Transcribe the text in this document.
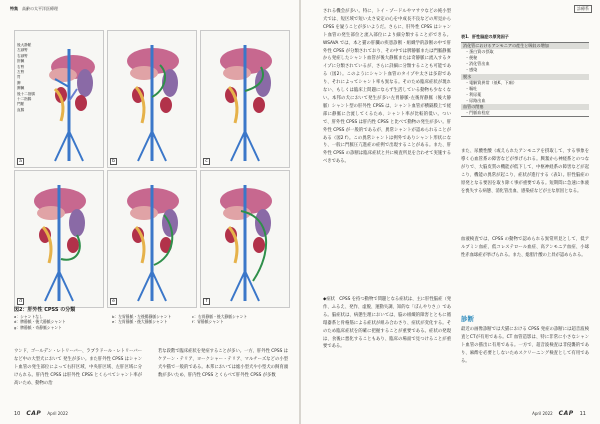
特集 高齢の太平洋医療理
後大静脈
左副腎
右副腎
肝臓
右腎
左腎
胃
脾
脾臓
後十二指腸
十二指腸
門脈
直腸
a	b	c
d	e	f
図2：肝外性 CPSS の分類
a：シャントなし	b：左胃静脈・左後腸静脈シャント	c：右胃静脈・後大静脈シャント
d：脾静脈・後大静脈シャント	e：左胃静脈・後大静脈シャント	f：胃静脈シャント
g：脾静脈・奇静脈シャント
ウンド、ゴールデン・レトリーバー、ラブラドール・レトリーバー など中の大型犬において 発生が多い。また肝外性 CPSS はシャント血管の発生部位によって右肝区域、中央肝区域、左肝区域に分けられる。肝内性 CPSS は肝外性 CPSS とくらべてシャント率が高いため、動物の治
若な段階で臨床症状を発症することが多い。一方、肝外性 CPSS はケアーン・テリア、ヨークシャー・テリア、マルチーズなどの小型犬や猫で一般的である。本邦においては総小型犬や小型犬の飼育頭数が多いため、肝内性 CPSS とくらべて肝外性 CPSS が多数
10 CAP April 2022
診療系
される機会が多い。特に、トイ・プードルやマサウなどの純小型犬では、短区域で短い太さ安定の心を中成長不良などの所見から CPSS を疑うことが多いようだ。さらに、肝外性 CPSS はシャント血管の発生部位と流入部位により細分類することができる。WSAVA では、本と猫の肝臓の疾患診断・組織学的診断の中で肝外性 CPSS が分類されており、その中では脾静脈または門脈静脈から発症したシャント血管が後大静脈または奇静脈に流入するタイプに分類されているが、さらに詳細に分類することも可能である（図2）。このようにシャント血管のタイプや太さは多彩であり、それによってシャント率も異なる。そのため臨床症状が現れない、もしくは臨床上問題にならず生活している動物も少なくない。本邦の犬において発生が多い左胃静脈-左後胃静脈（後大静脈）シャント型の肝外性 CPSS は、シャント血管が横隔膜上で経部に静脈に合流してくるため、シャント率が比較的低い。ついで、肝外性 CPSS は肝内性 CPSS と比べて動物の発生が多い。肝外性 CPSS が一般的であるが、異常シャントが認められることがある（図2 f）。この異常シャントは例外でありシャント形状になり、一般に門脈圧亢進症の症例で出現することがある。また、肝外性 CPSS の診断は臨床症状と共に検査所見を合わせて実施するべきである。
◆症状　CPSS を持つ動物で問題となる症状は、主に肝性脳症（発作、ふるえ、発作、虚脱、運動失調、知的な「ぼんやりさ」）である。脳症状は、病態生理においては、脳の組織的障害とともに循環器系と骨格筋による症状が組み合わさり、症状が変化する。そのため臨床症状を的確に把握することが重要である。症状の発現は、食後に悪化することもあり、臨床の場面で見つけることが重要である。
表1．肝性脳症の原発因子
消化管におけるアンモニアの産生と吸収の増加
・蛋白質の摂取
・便秘
・消化管出血
・感染
脱水
・電解質異常（低K、下痢）
・嘔吐
・利尿薬
・尿路出血
血管の閉塞
・門脈血栓症
また、尿酸性酸（或えられたアンモニアを摂取して、する事象を導く心血管系の障害などが挙げられる。興奮から神経系とのつながりで、大脳皮質の機能が低下して、中枢神経系の障害などが起こり、機能の異常が起こり、症状が進行する（表1）。肝性脳症の原発となる要因を取り除く事が重要である。短期間に急速に体液を喪失する病態、消化管出血、感染症などが主な原因となる。
血液検査では、CPSS の動物で認められる異常所見として、低アルブミン血症、低コレステロール血症、高アンモニア血症、小球性赤血球症が挙げられる。また、総胆汁酸の上昇が認められる。
診断
最近の画像診断では犬猫における CPSS 発症の診断には超音波検査とCTが有用である。CT 血管造影は、特に非常に小さなシャント血管の描出に有用である。一方で、超音波検査は非侵襲的であり、麻酔を必要としないためスクリーニング検査として有用である。
April 2022 CAP 11
